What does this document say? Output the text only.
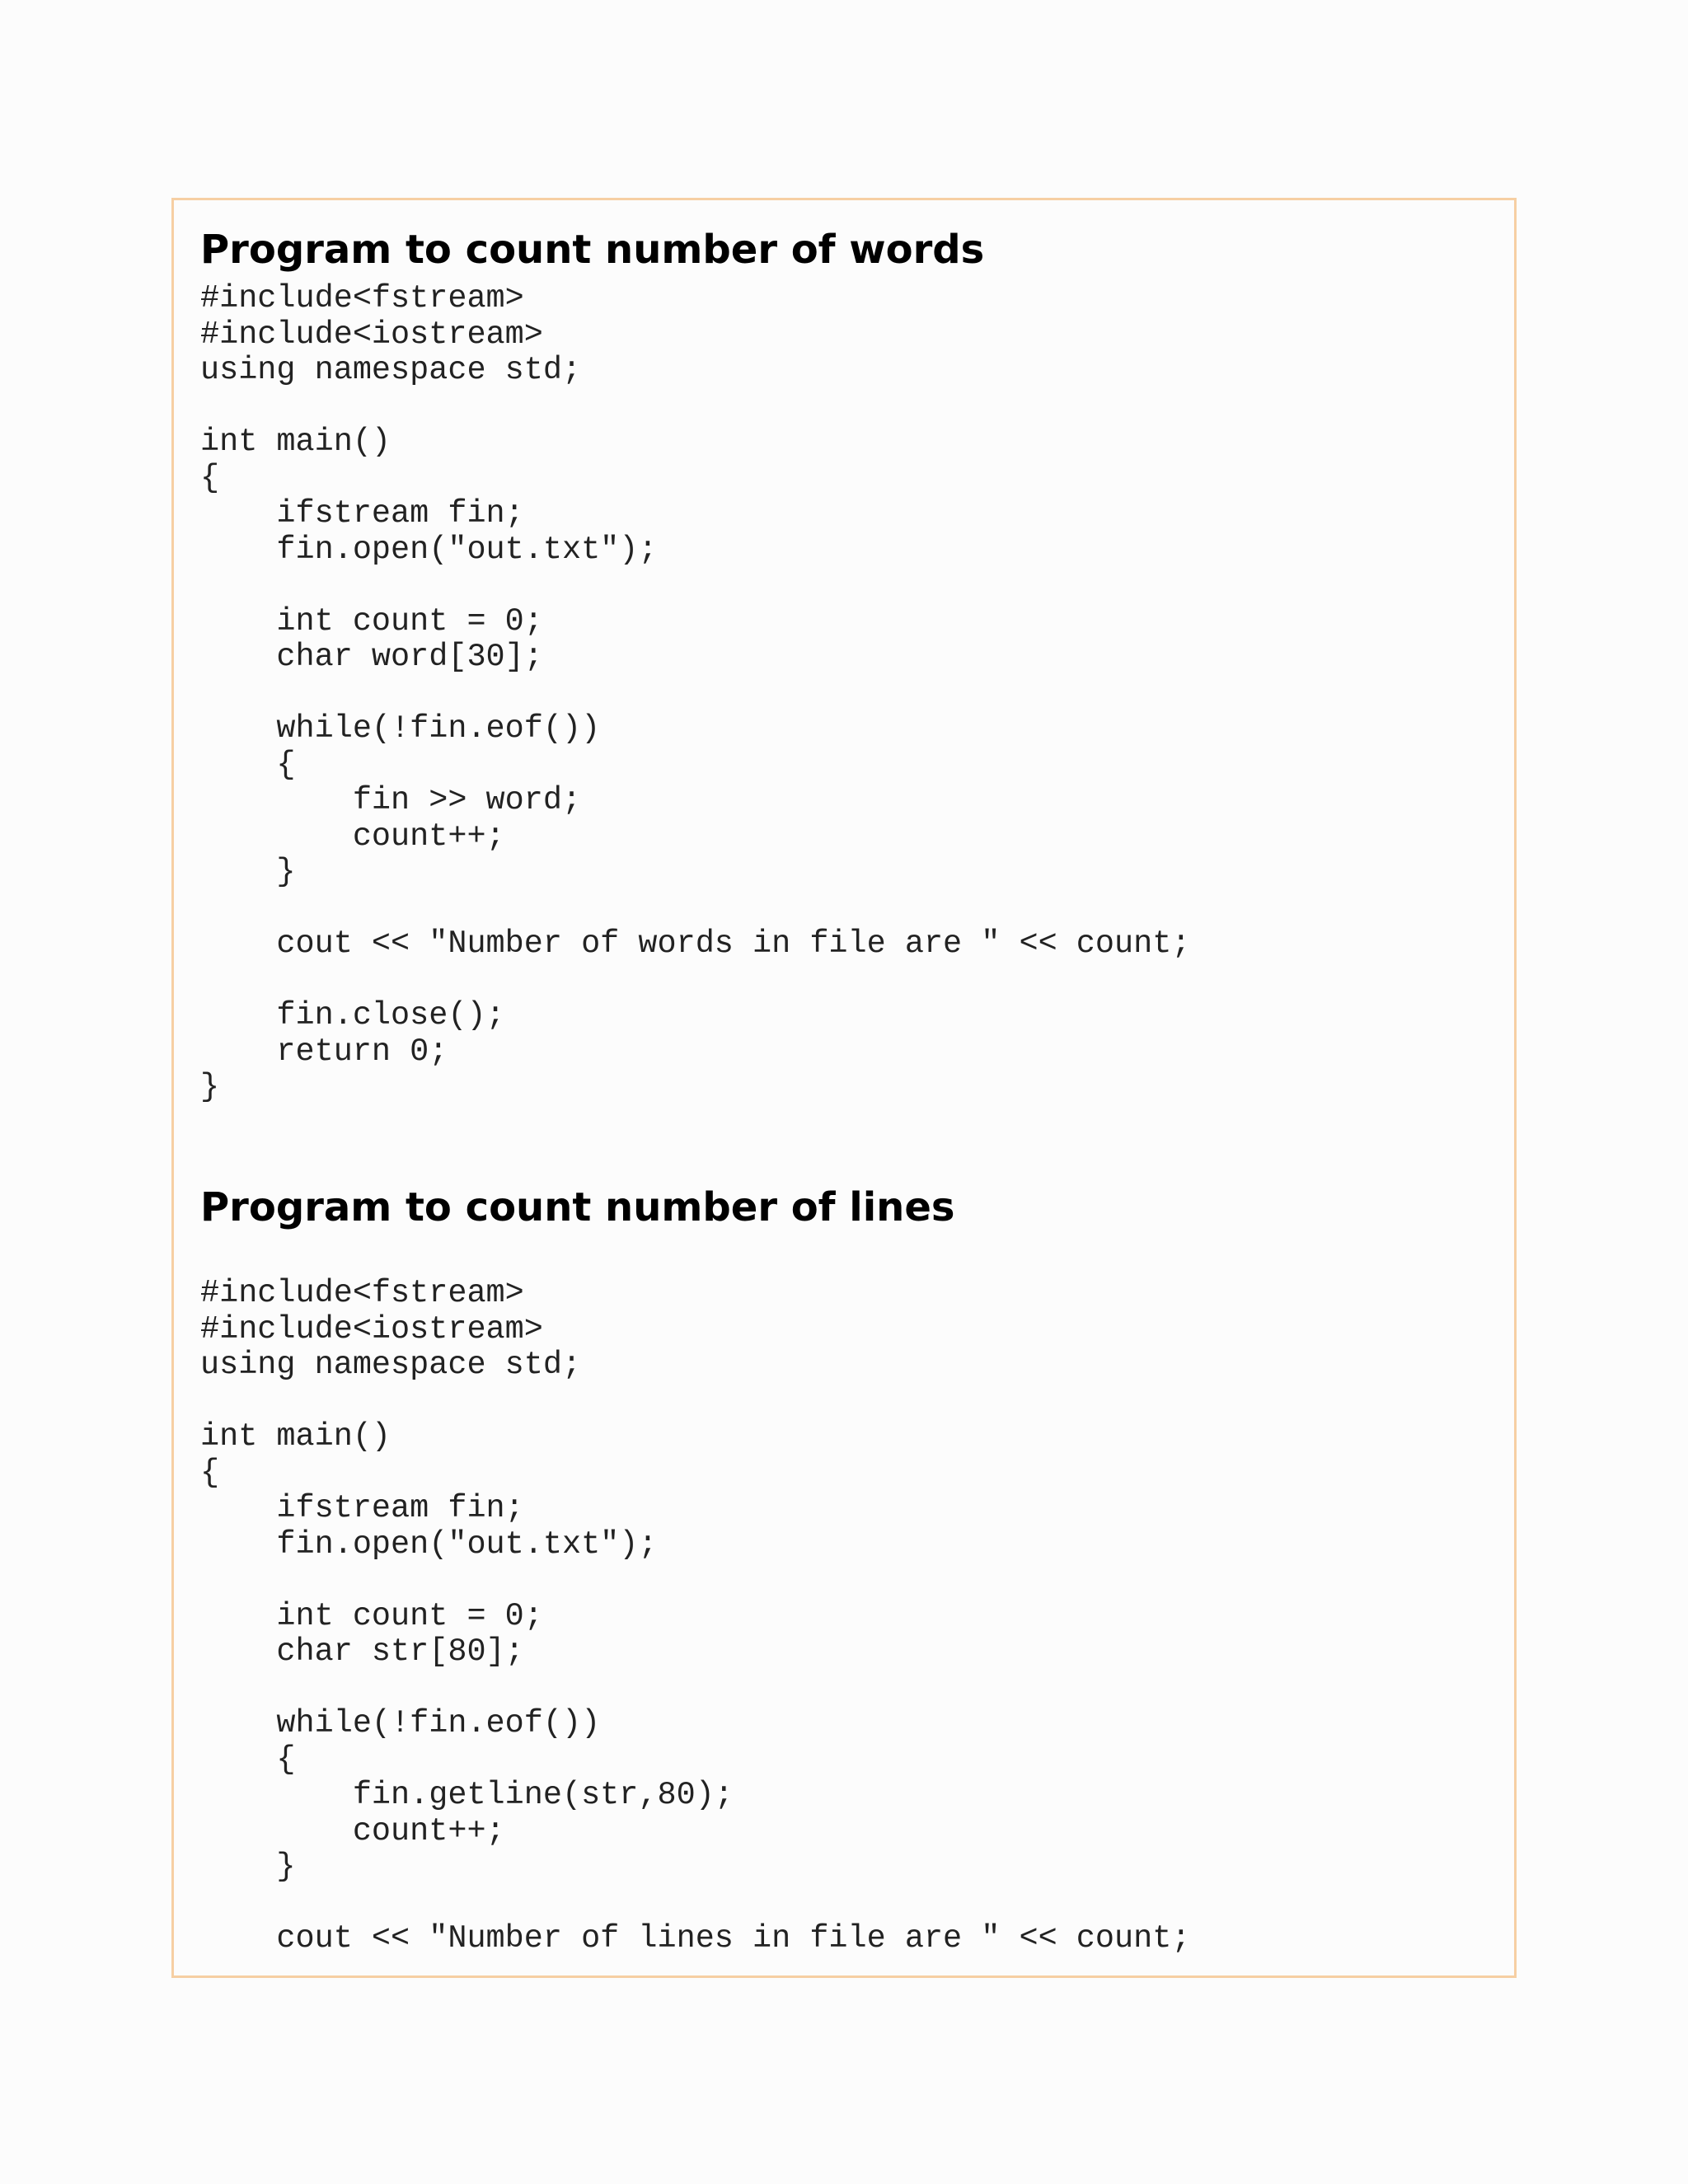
Program to count number of words
#include<fstream>
#include<iostream>
using namespace std;

int main()
{
ifstream fin;
fin.open("out.txt");

int count = 0;
char word[30];

while(!fin.eof())
{
fin >> word;
count++;
}

cout << "Number of words in file are " << count;

fin.close();
return 0;
}
Program to count number of lines
#include<fstream>
#include<iostream>
using namespace std;

int main()
{
ifstream fin;
fin.open("out.txt");

int count = 0;
char str[80];

while(!fin.eof())
{
fin.getline(str,80);
count++;
}

cout << "Number of lines in file are " << count;
